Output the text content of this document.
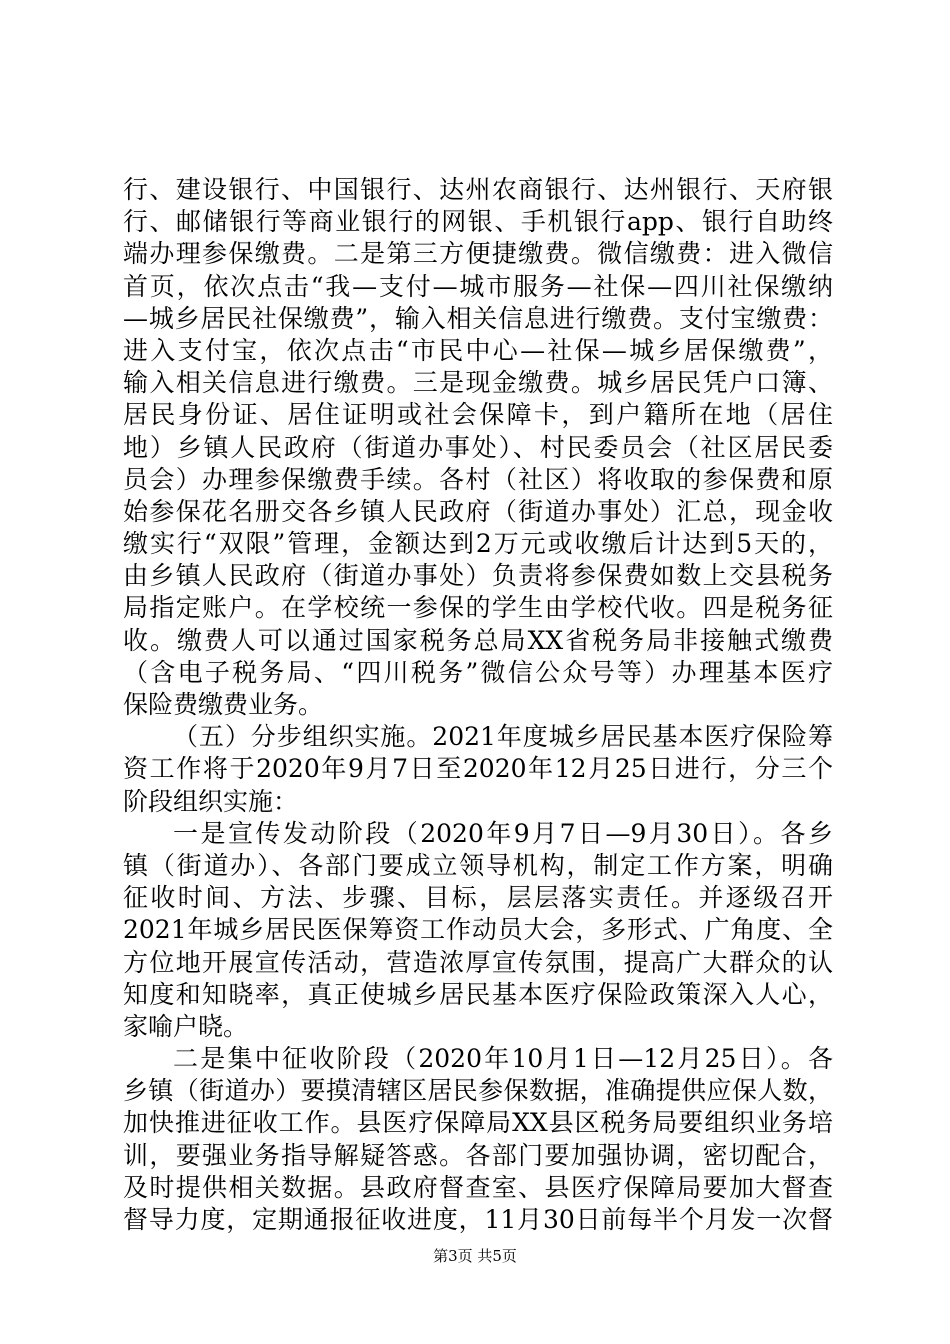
行、建设银行、中国银行、达州农商银行、达州银行、天府银
行、邮储银行等商业银行的网银、手机银行app、银行自助终
端办理参保缴费。二是第三方便捷缴费。微信缴费：进入微信
首页，依次点击“我—支付—城市服务—社保—四川社保缴纳
—城乡居民社保缴费”，输入相关信息进行缴费。支付宝缴费：
进入支付宝，依次点击“市民中心—社保—城乡居保缴费”，
输入相关信息进行缴费。三是现金缴费。城乡居民凭户口簿、
居民身份证、居住证明或社会保障卡，到户籍所在地（居住
地）乡镇人民政府（街道办事处）、村民委员会（社区居民委
员会）办理参保缴费手续。各村（社区）将收取的参保费和原
始参保花名册交各乡镇人民政府（街道办事处）汇总，现金收
缴实行“双限”管理，金额达到2万元或收缴后计达到5天的，
由乡镇人民政府（街道办事处）负责将参保费如数上交县税务
局指定账户。在学校统一参保的学生由学校代收。四是税务征
收。缴费人可以通过国家税务总局XX省税务局非接触式缴费
（含电子税务局、“四川税务”微信公众号等）办理基本医疗
保险费缴费业务。
（五）分步组织实施。2021年度城乡居民基本医疗保险筹
资工作将于2020年9月7日至2020年12月25日进行，分三个
阶段组织实施：
一是宣传发动阶段（2020年9月7日—9月30日）。各乡
镇（街道办）、各部门要成立领导机构，制定工作方案，明确
征收时间、方法、步骤、目标，层层落实责任。并逐级召开
2021年城乡居民医保筹资工作动员大会，多形式、广角度、全
方位地开展宣传活动，营造浓厚宣传氛围，提高广大群众的认
知度和知晓率，真正使城乡居民基本医疗保险政策深入人心，
家喻户晓。
二是集中征收阶段（2020年10月1日—12月25日）。各
乡镇（街道办）要摸清辖区居民参保数据，准确提供应保人数，
加快推进征收工作。县医疗保障局XX县区税务局要组织业务培
训，要强业务指导解疑答惑。各部门要加强协调，密切配合，
及时提供相关数据。县政府督查室、县医疗保障局要加大督查
督导力度，定期通报征收进度，11月30日前每半个月发一次督
第3页 共5页
